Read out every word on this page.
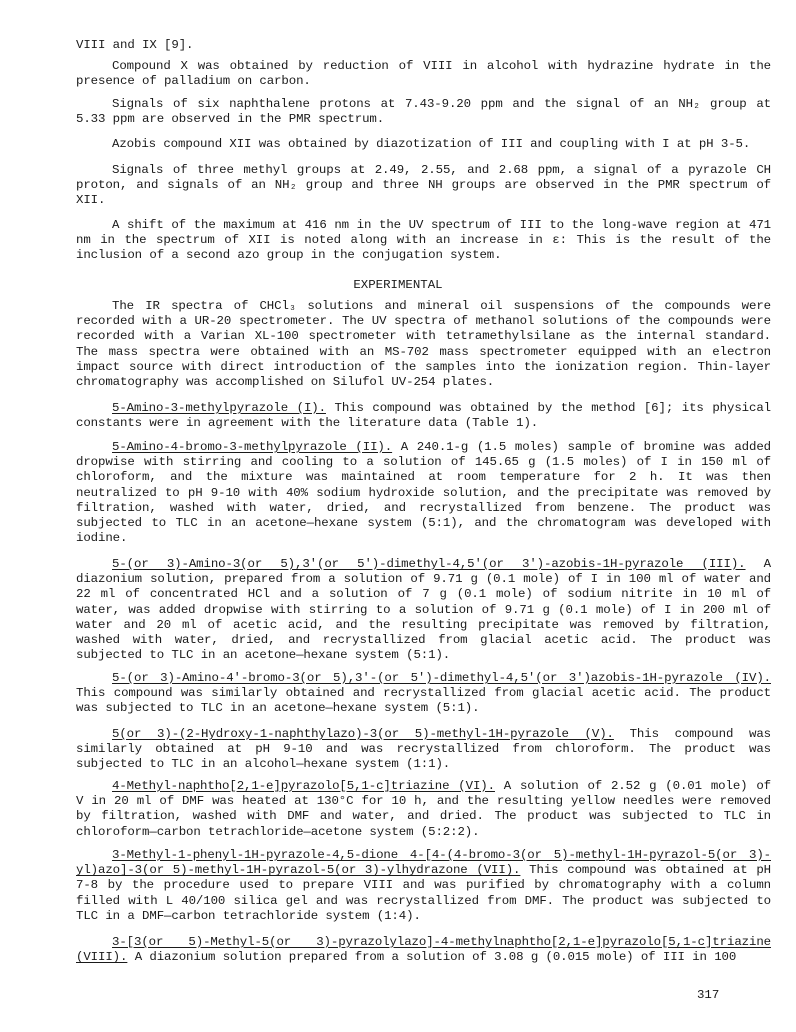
VIII and IX [9].
Compound X was obtained by reduction of VIII in alcohol with hydrazine hydrate in the presence of palladium on carbon.
Signals of six naphthalene protons at 7.43-9.20 ppm and the signal of an NH₂ group at 5.33 ppm are observed in the PMR spectrum.
Azobis compound XII was obtained by diazotization of III and coupling with I at pH 3-5.
Signals of three methyl groups at 2.49, 2.55, and 2.68 ppm, a signal of a pyrazole CH proton, and signals of an NH₂ group and three NH groups are observed in the PMR spectrum of XII.
A shift of the maximum at 416 nm in the UV spectrum of III to the long-wave region at 471 nm in the spectrum of XII is noted along with an increase in ε: This is the result of the inclusion of a second azo group in the conjugation system.
EXPERIMENTAL
The IR spectra of CHCl₃ solutions and mineral oil suspensions of the compounds were recorded with a UR-20 spectrometer. The UV spectra of methanol solutions of the compounds were recorded with a Varian XL-100 spectrometer with tetramethylsilane as the internal standard. The mass spectra were obtained with an MS-702 mass spectrometer equipped with an electron impact source with direct introduction of the samples into the ionization region. Thin-layer chromatography was accomplished on Silufol UV-254 plates.
5-Amino-3-methylpyrazole (I). This compound was obtained by the method [6]; its physical constants were in agreement with the literature data (Table 1).
5-Amino-4-bromo-3-methylpyrazole (II). A 240.1-g (1.5 moles) sample of bromine was added dropwise with stirring and cooling to a solution of 145.65 g (1.5 moles) of I in 150 ml of chloroform, and the mixture was maintained at room temperature for 2 h. It was then neutralized to pH 9-10 with 40% sodium hydroxide solution, and the precipitate was removed by filtration, washed with water, dried, and recrystallized from benzene. The product was subjected to TLC in an acetone—hexane system (5:1), and the chromatogram was developed with iodine.
5-(or 3)-Amino-3(or 5),3'(or 5')-dimethyl-4,5'(or 3')-azobis-1H-pyrazole (III). A diazonium solution, prepared from a solution of 9.71 g (0.1 mole) of I in 100 ml of water and 22 ml of concentrated HCl and a solution of 7 g (0.1 mole) of sodium nitrite in 10 ml of water, was added dropwise with stirring to a solution of 9.71 g (0.1 mole) of I in 200 ml of water and 20 ml of acetic acid, and the resulting precipitate was removed by filtration, washed with water, dried, and recrystallized from glacial acetic acid. The product was subjected to TLC in an acetone—hexane system (5:1).
5-(or 3)-Amino-4'-bromo-3(or 5),3'-(or 5')-dimethyl-4,5'(or 3')azobis-1H-pyrazole (IV). This compound was similarly obtained and recrystallized from glacial acetic acid. The product was subjected to TLC in an acetone—hexane system (5:1).
5(or 3)-(2-Hydroxy-1-naphthylazo)-3(or 5)-methyl-1H-pyrazole (V). This compound was similarly obtained at pH 9-10 and was recrystallized from chloroform. The product was subjected to TLC in an alcohol—hexane system (1:1).
4-Methyl-naphtho[2,1-e]pyrazolo[5,1-c]triazine (VI). A solution of 2.52 g (0.01 mole) of V in 20 ml of DMF was heated at 130°C for 10 h, and the resulting yellow needles were removed by filtration, washed with DMF and water, and dried. The product was subjected to TLC in chloroform—carbon tetrachloride—acetone system (5:2:2).
3-Methyl-1-phenyl-1H-pyrazole-4,5-dione 4-[4-(4-bromo-3(or 5)-methyl-1H-pyrazol-5(or 3)-yl)azo]-3(or 5)-methyl-1H-pyrazol-5(or 3)-ylhydrazone (VII). This compound was obtained at pH 7-8 by the procedure used to prepare VIII and was purified by chromatography with a column filled with L 40/100 silica gel and was recrystallized from DMF. The product was subjected to TLC in a DMF—carbon tetrachloride system (1:4).
3-[3(or 5)-Methyl-5(or 3)-pyrazolylazo]-4-methylnaphtho[2,1-e]pyrazolo[5,1-c]triazine (VIII). A diazonium solution prepared from a solution of 3.08 g (0.015 mole) of III in 100
317
